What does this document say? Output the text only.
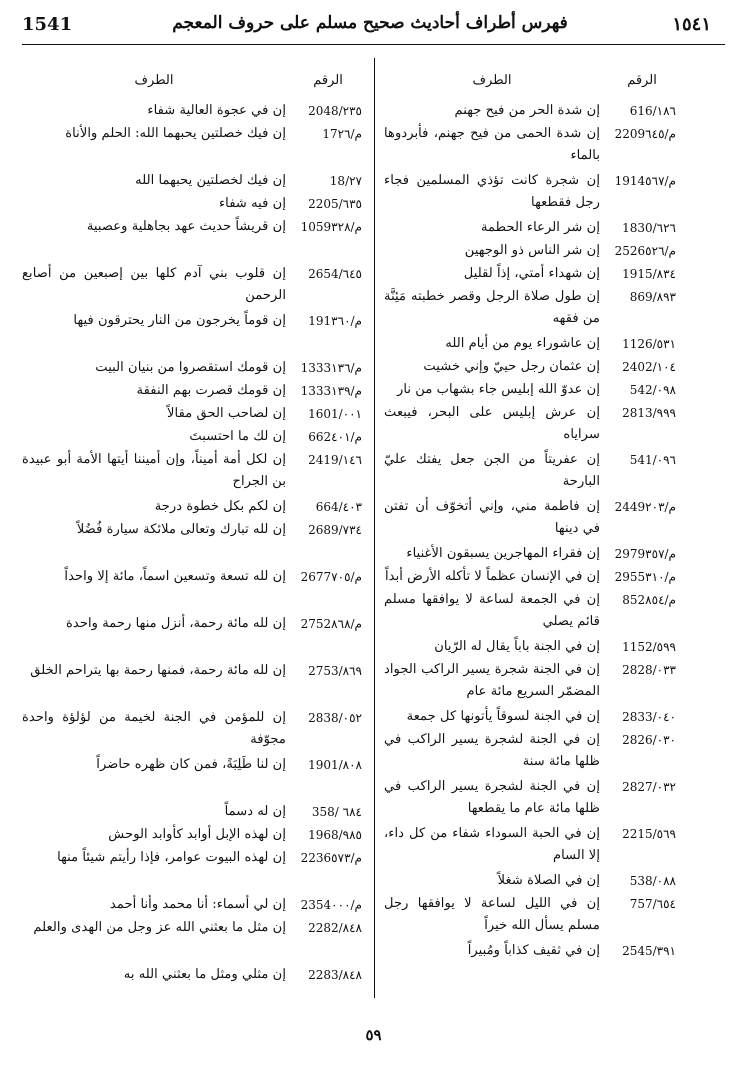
1541	فهرس أطراف أحاديث صحيح مسلم على حروف المعجم	١٥٤١
الرقم
الطرف
616/١٨٦
إن شدة الحر من فيح جهنم
2209م/٦٤٥
إن شدة الحمى من فيح جهنم، فأبردوها بالماء
1914م/٥٦٧
إن شجرة كانت تؤذي المسلمين فجاء رجل فقطعها
1830/٦٢٦
إن شر الرعاء الحطمة
2526م/٥٢٦
إن شر الناس ذو الوجهين
1915/٨٣٤
إن شهداء أمتي، إذاً لقليل
869/٨٩٣
إن طول صلاة الرجل وقصر خطبته مَئِنَّة من فقهه
1126/٥٣١
إن عاشوراء يوم من أيام الله
2402/١٠٤
إن عثمان رجل حييّ وإني خشيت
542/٠٩٨
إن عدوّ الله إبليس جاء بشهاب من نار
2813/٩٩٩
إن عرش إبليس على البحر، فيبعث سراياه
541/٠٩٦
إن عفريتاً من الجن جعل يفتك عليّ البارحة
2449م/٢٠٣
إن فاطمة مني، وإني أتخوّف أن تفتن في دينها
2979م/٣٥٧
إن فقراء المهاجرين يسبقون الأغنياء
2955م/٣١٠
إن في الإنسان عظماً لا تأكله الأرض أبداً
852م/٨٥٤
إن في الجمعة لساعة لا يوافقها مسلم قائم يصلي
1152/٥٩٩
إن في الجنة باباً يقال له الرّيان
2828/٠٣٣
إن في الجنة شجرة يسير الراكب الجواد المضمّر السريع مائة عام
2833/٠٤٠
إن في الجنة لسوقاً يأتونها كل جمعة
2826/٠٣٠
إن في الجنة لشجرة يسير الراكب في ظلها مائة سنة
2827/٠٣٢
إن في الجنة لشجرة يسير الراكب في ظلها مائة عام ما يقطعها
2215/٥٦٩
إن في الحبة السوداء شفاء من كل داء، إلا السام
538/٠٨٨
إن في الصلاة شغلاً
757/٦٥٤
إن في الليل لساعة لا يوافقها رجل مسلم يسأل الله خيراً
2545/٣٩١
إن في ثقيف كذاباً ومُبيراً
الرقم
الطرف
2048/٢٣٥
إن في عجوة العالية شفاء
17م/٢٦
إن فيك خصلتين يحبهما الله: الحلم والأناة
18/٢٧
إن فيك لخصلتين يحبهما الله
2205/٦٣٥
إن فيه شفاء
1059م/٣٢٨
إن قريشاً حديث عهد بجاهلية وعصبية
2654/٦٤٥
إن قلوب بني آدم كلها بين إصبعين من أصابع الرحمن
191م/٣٦٠
إن قوماً يخرجون من النار يحترقون فيها
1333م/١٣٦
إن قومك استقصروا من بنيان البيت
1333م/١٣٩
إن قومك قصرت بهم النفقة
1601/٠٠١
إن لصاحب الحق مقالاً
662م/٤٠١
إن لك ما احتسبتَ
2419/١٤٦
إن لكل أمة أميناً، وإن أميننا أيتها الأمة أبو عبيدة بن الجراح
664/٤٠٣
إن لكم بكل خطوة درجة
2689/٧٣٤
إن لله تبارك وتعالى ملائكة سيارة فُضُلاً
2677م/٧٠٥
إن لله تسعة وتسعين اسماً، مائة إلا واحداً
2752م/٨٦٨
إن لله مائة رحمة، أنزل منها رحمة واحدة
2753/٨٦٩
إن لله مائة رحمة، فمنها رحمة بها يتراحم الخلق
2838/٠٥٢
إن للمؤمن في الجنة لخيمة من لؤلؤة واحدة مجوّفة
1901/٨٠٨
إن لنا طَلِبَةً، فمن كان ظهره حاضراً
358/ ٦٨٤
إن له دسماً
1968/٩٨٥
إن لهذه الإبل أوابد كأوابد الوحش
2236م/٥٧٣
إن لهذه البيوت عوامر، فإذا رأيتم شيئاً منها
2354م/٠٠٠
إن لي أسماء: أنا محمد وأنا أحمد
2282/٨٤٨
إن مثل ما بعثني الله عز وجل من الهدى والعلم
2283/٨٤٨
إن مثلي ومثل ما بعثني الله به
٥٩
